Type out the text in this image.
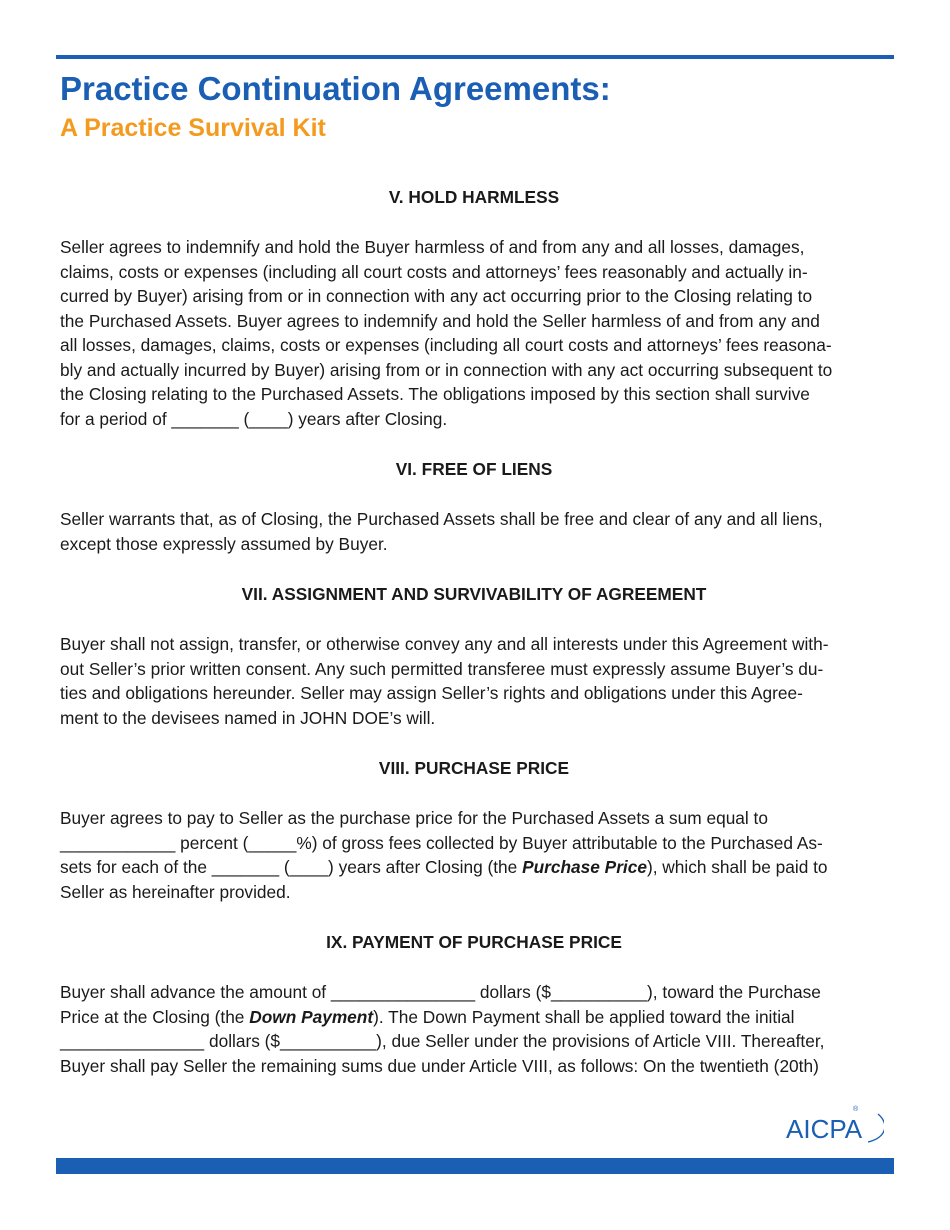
Practice Continuation Agreements:
A Practice Survival Kit
V. HOLD HARMLESS

Seller agrees to indemnify and hold the Buyer harmless of and from any and all losses, damages,
claims, costs or expenses (including all court costs and attorneys’ fees reasonably and actually in-
curred by Buyer) arising from or in connection with any act occurring prior to the Closing relating to
the Purchased Assets. Buyer agrees to indemnify and hold the Seller harmless of and from any and
all losses, damages, claims, costs or expenses (including all court costs and attorneys’ fees reasona-
bly and actually incurred by Buyer) arising from or in connection with any act occurring subsequent to
the Closing relating to the Purchased Assets. The obligations imposed by this section shall survive
for a period of _______ (____) years after Closing.

VI. FREE OF LIENS

Seller warrants that, as of Closing, the Purchased Assets shall be free and clear of any and all liens,
except those expressly assumed by Buyer.

VII. ASSIGNMENT AND SURVIVABILITY OF AGREEMENT

Buyer shall not assign, transfer, or otherwise convey any and all interests under this Agreement with-
out Seller’s prior written consent. Any such permitted transferee must expressly assume Buyer’s du-
ties and obligations hereunder. Seller may assign Seller’s rights and obligations under this Agree-
ment to the devisees named in JOHN DOE’s will.

VIII. PURCHASE PRICE

Buyer agrees to pay to Seller as the purchase price for the Purchased Assets a sum equal to
____________ percent (_____%) of gross fees collected by Buyer attributable to the Purchased As-
sets for each of the _______ (____) years after Closing (the Purchase Price), which shall be paid to
Seller as hereinafter provided.

IX. PAYMENT OF PURCHASE PRICE

Buyer shall advance the amount of _______________ dollars ($__________), toward the Purchase
Price at the Closing (the Down Payment). The Down Payment shall be applied toward the initial
_______________ dollars ($__________), due Seller under the provisions of Article VIII. Thereafter,
Buyer shall pay Seller the remaining sums due under Article VIII, as follows: On the twentieth (20th)

AICPA
®
